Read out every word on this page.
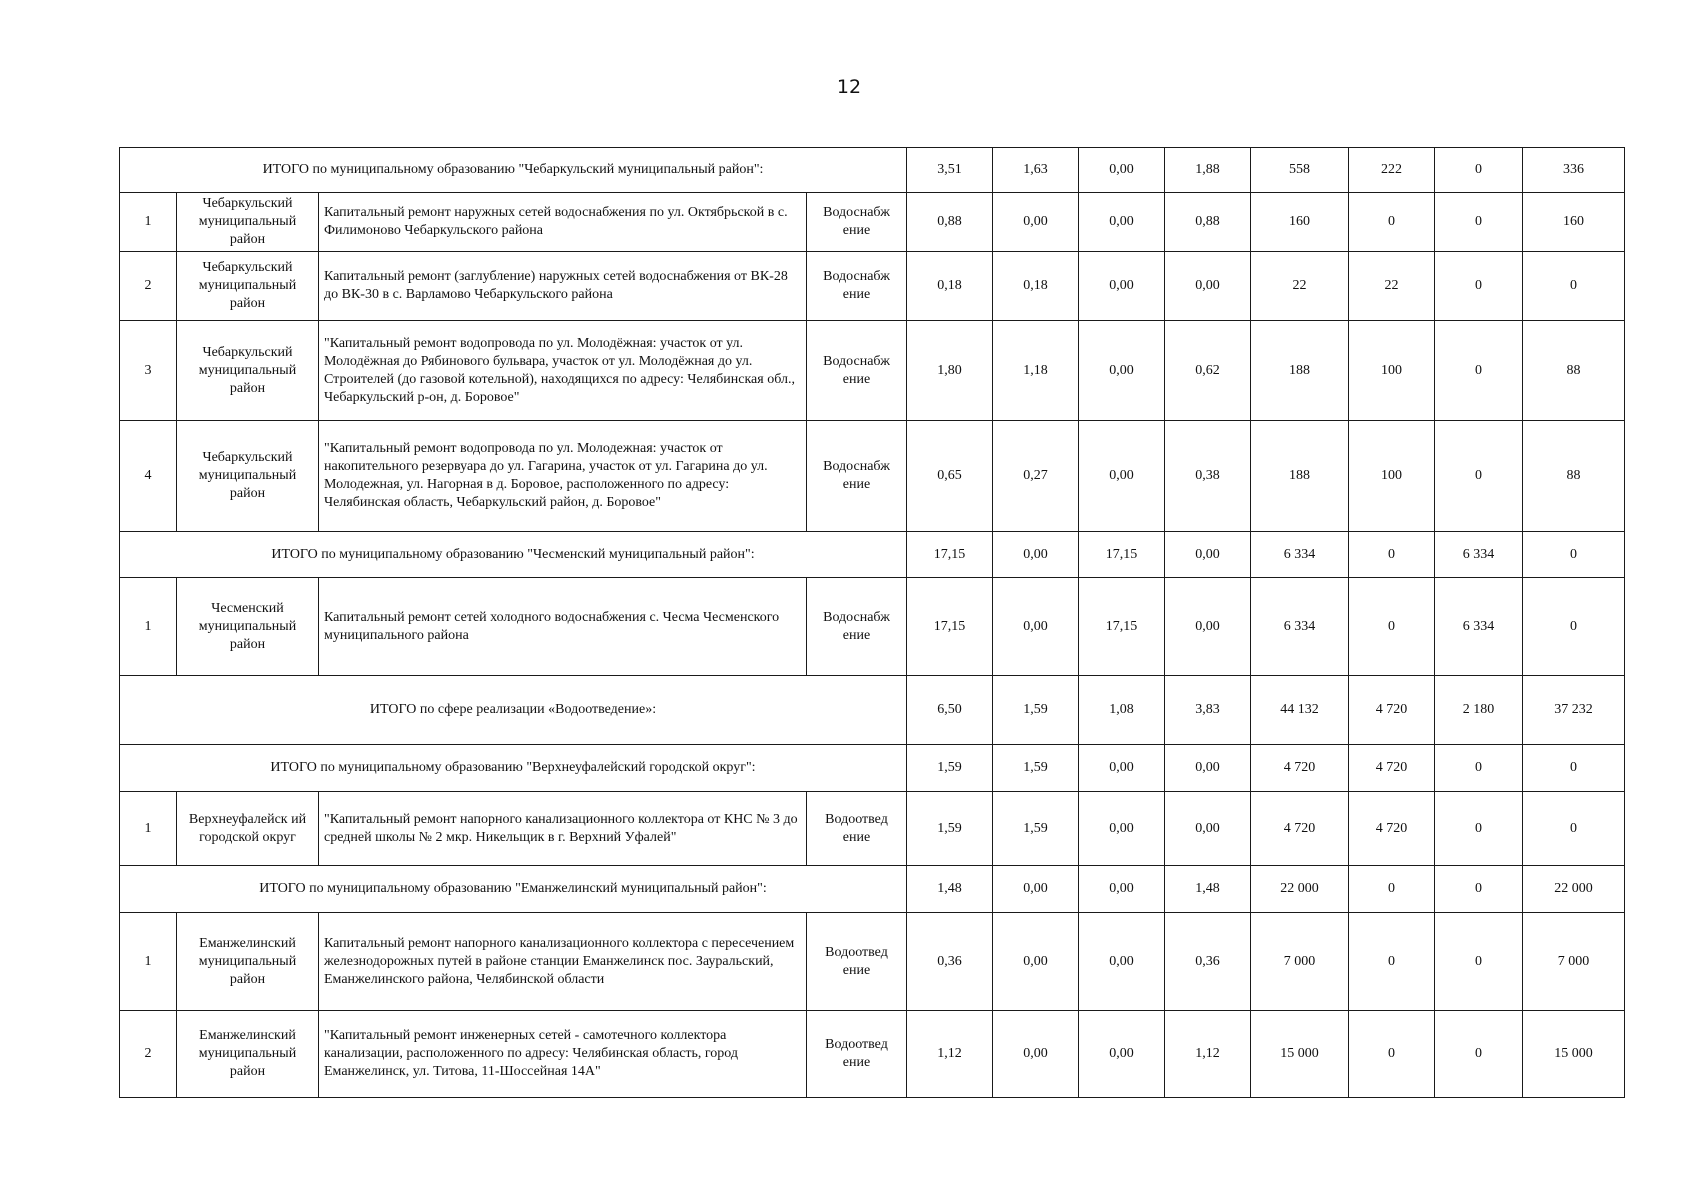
12
ИТОГО по муниципальному образованию "Чебаркульский муниципальный район":				3,51	1,63	0,00	1,88	558	222	0	336
1	Чебаркульский муниципальный район	Капитальный ремонт наружных сетей водоснабжения по ул. Октябрьской в с. Филимоново Чебаркульского района	Водоснабж ение	0,88	0,00	0,00	0,88	160	0	0	160
2	Чебаркульский муниципальный район	Капитальный ремонт (заглубление) наружных сетей водоснабжения от ВК-28 до ВК-30 в с. Варламово Чебаркульского района	Водоснабж ение	0,18	0,18	0,00	0,00	22	22	0	0
3	Чебаркульский муниципальный район	"Капитальный ремонт водопровода по ул. Молодёжная: участок от ул. Молодёжная до Рябинового бульвара, участок от ул. Молодёжная до ул. Строителей (до газовой котельной), находящихся по адресу: Челябинская обл., Чебаркульский р-он, д. Боровое"	Водоснабж ение	1,80	1,18	0,00	0,62	188	100	0	88
4	Чебаркульский муниципальный район	"Капитальный ремонт водопровода по ул. Молодежная: участок от накопительного резервуара до ул. Гагарина, участок от ул. Гагарина до ул. Молодежная, ул. Нагорная в д. Боровое, расположенного по адресу: Челябинская область, Чебаркульский район, д. Боровое"	Водоснабж ение	0,65	0,27	0,00	0,38	188	100	0	88
ИТОГО по муниципальному образованию "Чесменский муниципальный район":				17,15	0,00	17,15	0,00	6 334	0	6 334	0
1	Чесменский муниципальный район	Капитальный ремонт сетей холодного водоснабжения с. Чесма Чесменского муниципального района	Водоснабж ение	17,15	0,00	17,15	0,00	6 334	0	6 334	0
ИТОГО по сфере реализации «Водоотведение»:				6,50	1,59	1,08	3,83	44 132	4 720	2 180	37 232
ИТОГО по муниципальному образованию "Верхнеуфалейский городской округ":				1,59	1,59	0,00	0,00	4 720	4 720	0	0
1	Верхнеуфалейск ий городской округ	"Капитальный ремонт напорного канализационного коллектора от КНС № 3 до средней школы № 2 мкр. Никельщик в г. Верхний Уфалей"	Водоотвед ение	1,59	1,59	0,00	0,00	4 720	4 720	0	0
ИТОГО по муниципальному образованию "Еманжелинский муниципальный район":				1,48	0,00	0,00	1,48	22 000	0	0	22 000
1	Еманжелинский муниципальный район	Капитальный ремонт напорного канализационного коллектора с пересечением железнодорожных путей в районе станции Еманжелинск пос. Зауральский, Еманжелинского района, Челябинской области	Водоотвед ение	0,36	0,00	0,00	0,36	7 000	0	0	7 000
2	Еманжелинский муниципальный район	"Капитальный ремонт инженерных сетей - самотечного коллектора канализации, расположенного по адресу: Челябинская область, город Еманжелинск, ул. Титова, 11-Шоссейная 14А"	Водоотвед ение	1,12	0,00	0,00	1,12	15 000	0	0	15 000
